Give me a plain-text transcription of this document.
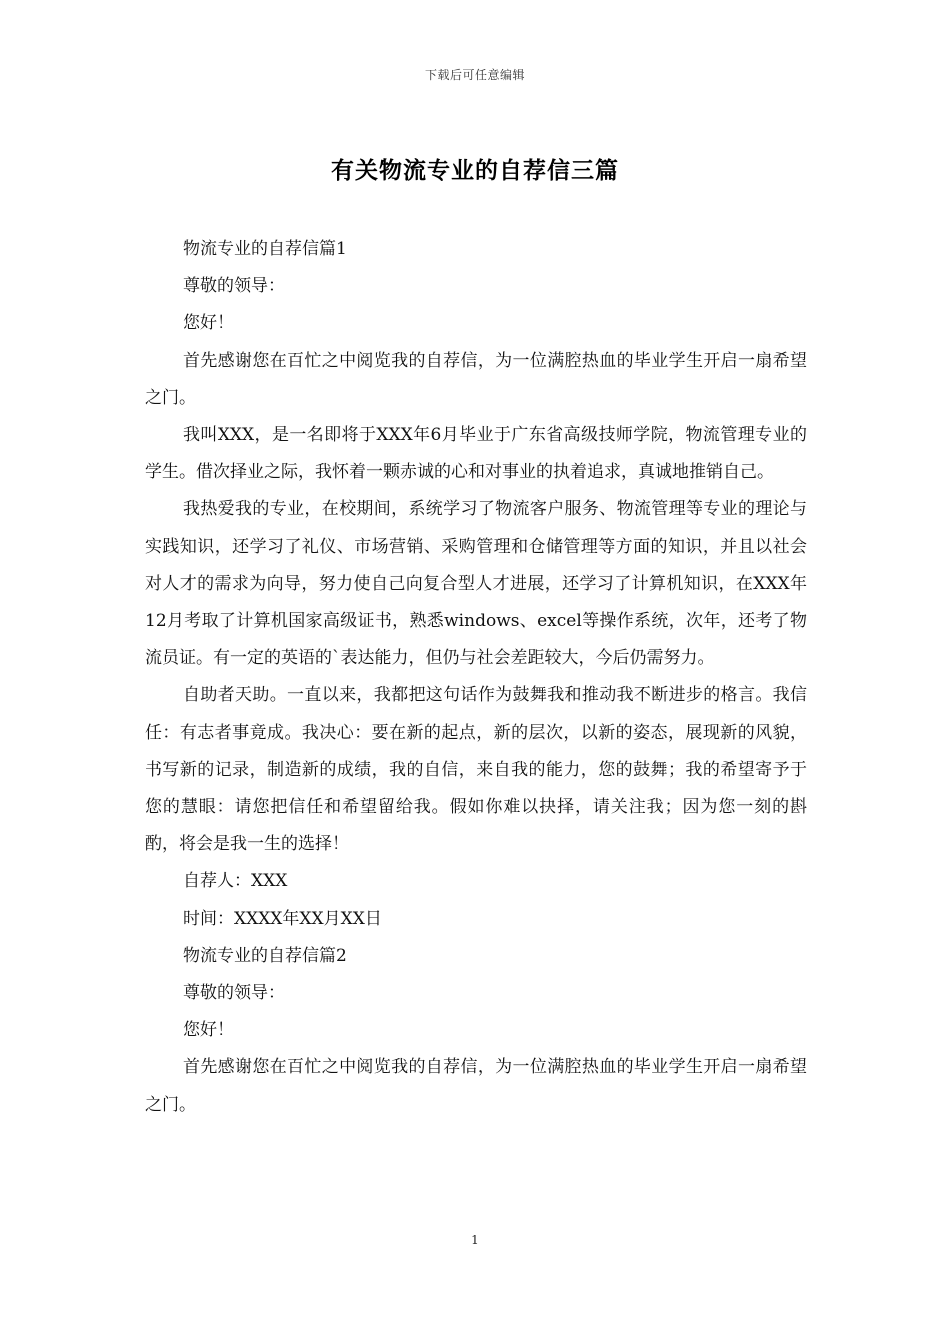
下载后可任意编辑
有关物流专业的自荐信三篇

物流专业的自荐信篇1

尊敬的领导：

您好！

首先感谢您在百忙之中阅览我的自荐信，为一位满腔热血的毕业学生开启一扇希望之门。

我叫XXX，是一名即将于XXX年6月毕业于广东省高级技师学院，物流管理专业的学生。借次择业之际，我怀着一颗赤诚的心和对事业的执着追求，真诚地推销自己。

我热爱我的专业，在校期间，系统学习了物流客户服务、物流管理等专业的理论与实践知识，还学习了礼仪、市场营销、采购管理和仓储管理等方面的知识，并且以社会对人才的需求为向导，努力使自己向复合型人才进展，还学习了计算机知识，在XXX年12月考取了计算机国家高级证书，熟悉windows、excel等操作系统，次年，还考了物流员证。有一定的英语的`表达能力，但仍与社会差距较大，今后仍需努力。

自助者天助。一直以来，我都把这句话作为鼓舞我和推动我不断进步的格言。我信任：有志者事竟成。我决心：要在新的起点，新的层次，以新的姿态，展现新的风貌，书写新的记录，制造新的成绩，我的自信，来自我的能力，您的鼓舞；我的希望寄予于您的慧眼：请您把信任和希望留给我。假如你难以抉择，请关注我；因为您一刻的斟酌，将会是我一生的选择！

自荐人：XXX

时间：XXXX年XX月XX日

物流专业的自荐信篇2

尊敬的领导：

您好！

首先感谢您在百忙之中阅览我的自荐信，为一位满腔热血的毕业学生开启一扇希望之门。

1
